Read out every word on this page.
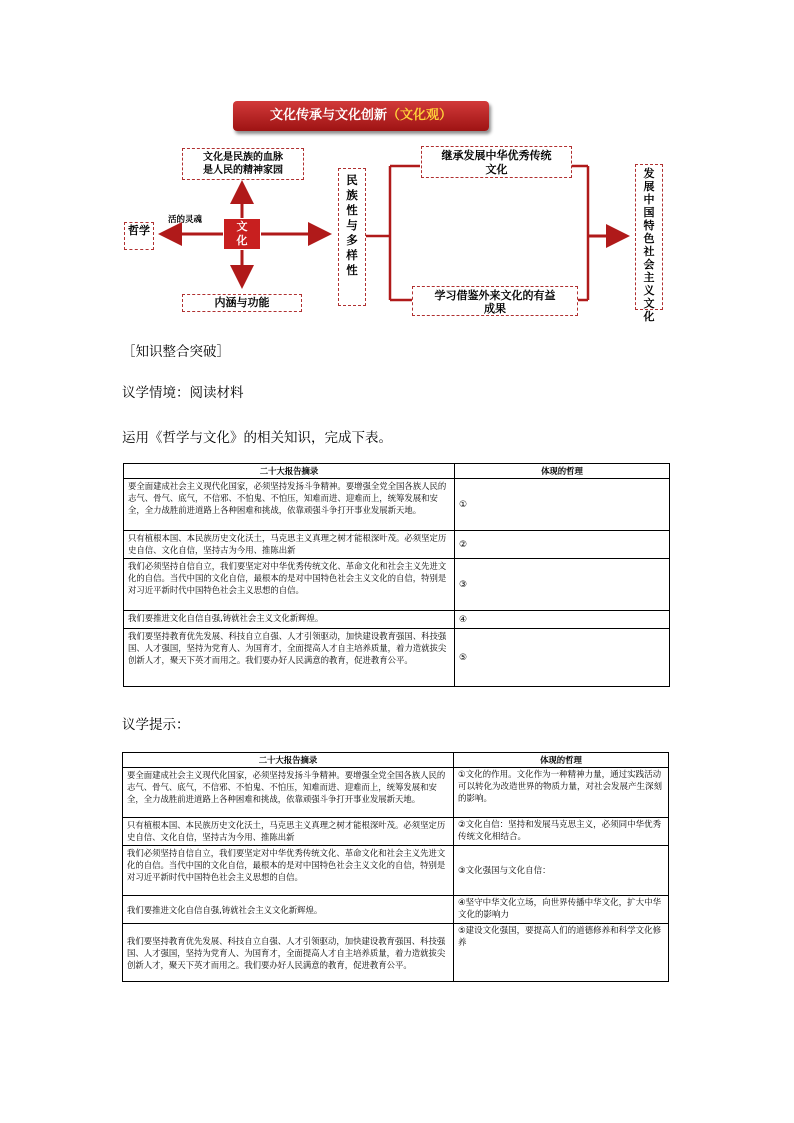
文化传承与文化创新（文化观）
文化是民族的血脉
是人民的精神家园
活的灵魂
哲学	文化
内涵与功能
民族性与多样性
继承发展中华优秀传统
文化
学习借鉴外来文化的有益
成果
发展中国特色社会主义文化
［知识整合突破］
议学情境：阅读材料
运用《哲学与文化》的相关知识，完成下表。
二十大报告摘录	体现的哲理
要全面建成社会主义现代化国家，必须坚持发扬斗争精神。要增强全党全国各族人民的志气、骨气、底气，不信邪、不怕鬼、不怕压，知难而进、迎难而上，统筹发展和安全，全力战胜前进道路上各种困难和挑战，依靠顽强斗争打开事业发展新天地。	①
只有植根本国、本民族历史文化沃土，马克思主义真理之树才能根深叶茂。必须坚定历史自信、文化自信，坚持古为今用、推陈出新	②
我们必须坚持自信自立，我们要坚定对中华优秀传统文化、革命文化和社会主义先进文化的自信。当代中国的文化自信，最根本的是对中国特色社会主义文化的自信，特别是对习近平新时代中国特色社会主义思想的自信。	③
我们要推进文化自信自强,铸就社会主义文化新辉煌。	④
我们要坚持教育优先发展、科技自立自强、人才引领驱动，加快建设教育强国、科技强国、人才强国，坚持为党育人、为国育才，全面提高人才自主培养质量，着力造就拔尖创新人才，聚天下英才而用之。我们要办好人民满意的教育，促进教育公平。	⑤
议学提示：
二十大报告摘录	体现的哲理
要全面建成社会主义现代化国家，必须坚持发扬斗争精神。要增强全党全国各族人民的志气、骨气、底气，不信邪、不怕鬼、不怕压，知难而进、迎难而上，统筹发展和安全，全力战胜前进道路上各种困难和挑战，依靠顽强斗争打开事业发展新天地。	①文化的作用。文化作为一种精神力量，通过实践活动可以转化为改造世界的物质力量，对社会发展产生深刻的影响。
只有植根本国、本民族历史文化沃土，马克思主义真理之树才能根深叶茂。必须坚定历史自信、文化自信，坚持古为今用、推陈出新	②文化自信：坚持和发展马克思主义，必须同中华优秀传统文化相结合。
我们必须坚持自信自立，我们要坚定对中华优秀传统文化、革命文化和社会主义先进文化的自信。当代中国的文化自信，最根本的是对中国特色社会主义文化的自信，特别是对习近平新时代中国特色社会主义思想的自信。	③文化强国与文化自信：
我们要推进文化自信自强,铸就社会主义文化新辉煌。	④坚守中华文化立场，向世界传播中华文化，扩大中华文化的影响力
我们要坚持教育优先发展、科技自立自强、人才引领驱动，加快建设教育强国、科技强国、人才强国，坚持为党育人、为国育才，全面提高人才自主培养质量，着力造就拔尖创新人才，聚天下英才而用之。我们要办好人民满意的教育，促进教育公平。	⑤建设文化强国，要提高人们的道德修养和科学文化修养
